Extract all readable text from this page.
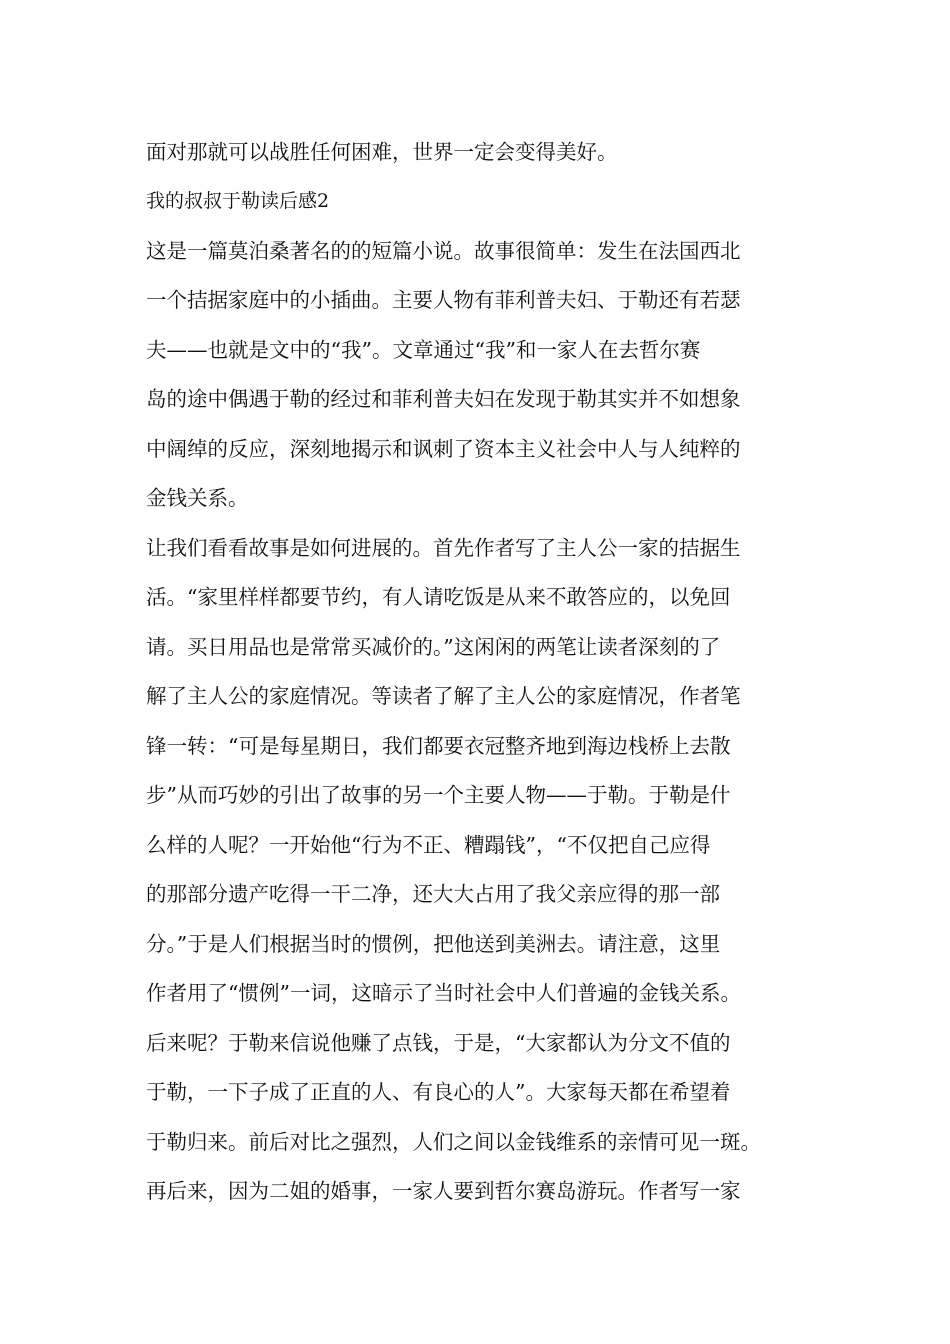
面对那就可以战胜任何困难，世界一定会变得美好。
我的叔叔于勒读后感2
这是一篇莫泊桑著名的的短篇小说。故事很简单：发生在法国西北
一个拮据家庭中的小插曲。主要人物有菲利普夫妇、于勒还有若瑟
夫——也就是文中的“我”。文章通过“我”和一家人在去哲尔赛
岛的途中偶遇于勒的经过和菲利普夫妇在发现于勒其实并不如想象
中阔绰的反应，深刻地揭示和讽刺了资本主义社会中人与人纯粹的
金钱关系。
让我们看看故事是如何进展的。首先作者写了主人公一家的拮据生
活。“家里样样都要节约，有人请吃饭是从来不敢答应的，以免回
请。买日用品也是常常买减价的。”这闲闲的两笔让读者深刻的了
解了主人公的家庭情况。等读者了解了主人公的家庭情况，作者笔
锋一转：“可是每星期日，我们都要衣冠整齐地到海边栈桥上去散
步”从而巧妙的引出了故事的另一个主要人物——于勒。于勒是什
么样的人呢？一开始他“行为不正、糟蹋钱”，“不仅把自己应得
的那部分遗产吃得一干二净，还大大占用了我父亲应得的那一部
分。”于是人们根据当时的惯例，把他送到美洲去。请注意，这里
作者用了“惯例”一词，这暗示了当时社会中人们普遍的金钱关系。
后来呢？于勒来信说他赚了点钱，于是，“大家都认为分文不值的
于勒，一下子成了正直的人、有良心的人”。大家每天都在希望着
于勒归来。前后对比之强烈，人们之间以金钱维系的亲情可见一斑。
再后来，因为二姐的婚事，一家人要到哲尔赛岛游玩。作者写一家
